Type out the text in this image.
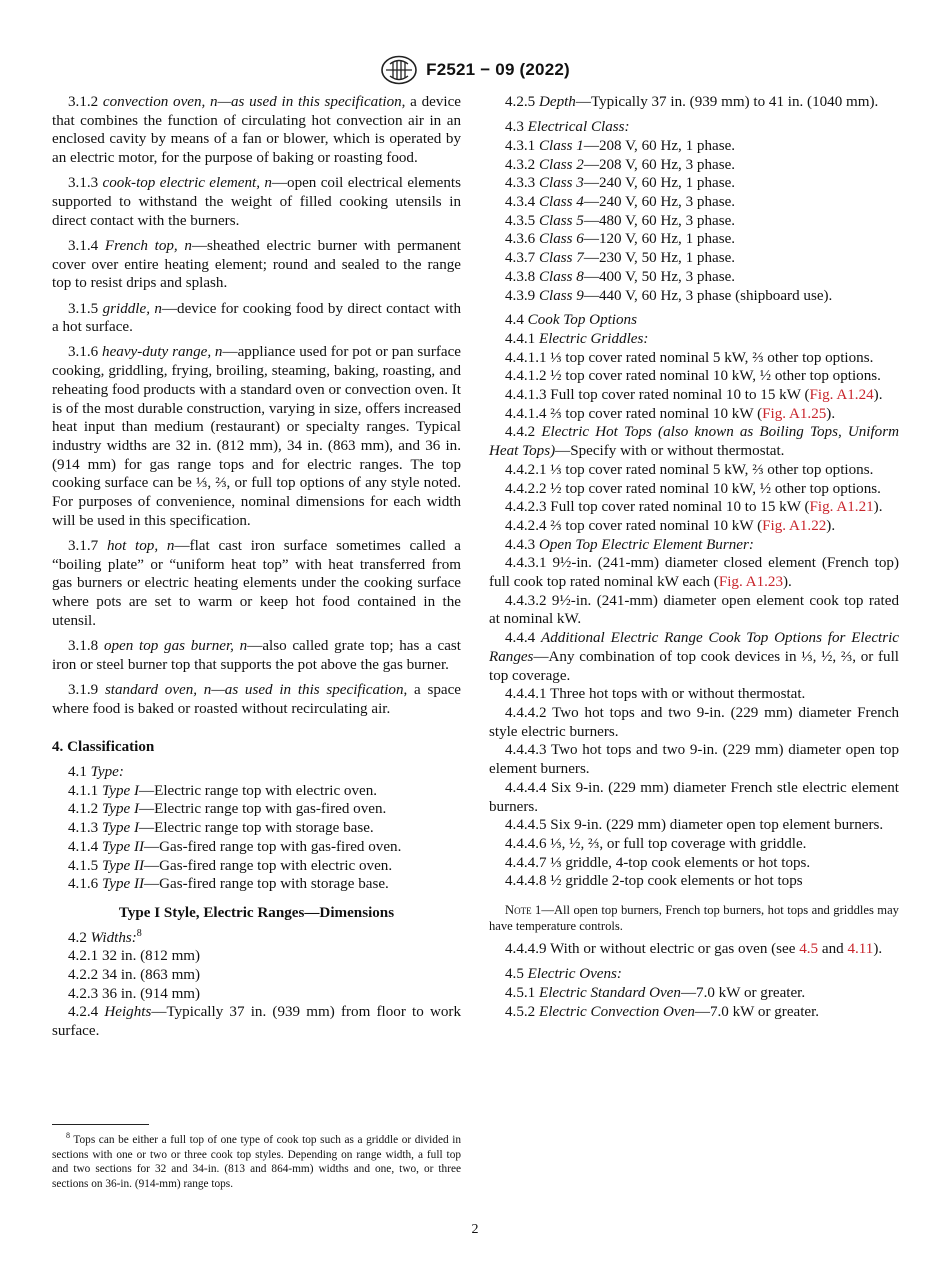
F2521 − 09 (2022)

3.1.2 convection oven, n—as used in this specification, a device that combines the function of circulating hot convection air in an enclosed cavity by means of a fan or blower, which is operated by an electric motor, for the purpose of baking or roasting food.

3.1.3 cook-top electric element, n—open coil electrical elements supported to withstand the weight of filled cooking utensils in direct contact with the burners.

3.1.4 French top, n—sheathed electric burner with permanent cover over entire heating element; round and sealed to the range top to resist drips and splash.

3.1.5 griddle, n—device for cooking food by direct contact with a hot surface.

3.1.6 heavy-duty range, n—appliance used for pot or pan surface cooking, griddling, frying, broiling, steaming, baking, roasting, and reheating food products with a standard oven or convection oven. It is of the most durable construction, varying in size, offers increased heat input than medium (restaurant) or specialty ranges. Typical industry widths are 32 in. (812 mm), 34 in. (863 mm), and 36 in. (914 mm) for gas range tops and for electric ranges. The top cooking surface can be ⅓, ⅔, or full top options of any style noted. For purposes of convenience, nominal dimensions for each width will be used in this specification.

3.1.7 hot top, n—flat cast iron surface sometimes called a “boiling plate” or “uniform heat top” with heat transferred from gas burners or electric heating elements under the cooking surface where pots are set to warm or keep hot food contained in the utensil.

3.1.8 open top gas burner, n—also called grate top; has a cast iron or steel burner top that supports the pot above the gas burner.

3.1.9 standard oven, n—as used in this specification, a space where food is baked or roasted without recirculating air.

4. Classification
4.1 Type:
4.1.1 Type I—Electric range top with electric oven.
4.1.2 Type I—Electric range top with gas-fired oven.
4.1.3 Type I—Electric range top with storage base.
4.1.4 Type II—Gas-fired range top with gas-fired oven.
4.1.5 Type II—Gas-fired range top with electric oven.
4.1.6 Type II—Gas-fired range top with storage base.
Type I Style, Electric Ranges—Dimensions
4.2 Widths:$^8$
4.2.1 32 in. (812 mm)
4.2.2 34 in. (863 mm)
4.2.3 36 in. (914 mm)

4.2.4 Heights—Typically 37 in. (939 mm) from floor to work surface.

$^8$ Tops can be either a full top of one type of cook top such as a griddle or divided in sections with one or two or three cook top styles. Depending on range width, a full top and two sections for 32 and 34-in. (813 and 864-mm) widths and one, two, or three sections on 36-in. (914-mm) range tops.

4.2.5 Depth—Typically 37 in. (939 mm) to 41 in. (1040 mm).

4.3 Electrical Class:
4.3.1 Class 1—208 V, 60 Hz, 1 phase.
4.3.2 Class 2—208 V, 60 Hz, 3 phase.
4.3.3 Class 3—240 V, 60 Hz, 1 phase.
4.3.4 Class 4—240 V, 60 Hz, 3 phase.
4.3.5 Class 5—480 V, 60 Hz, 3 phase.
4.3.6 Class 6—120 V, 60 Hz, 1 phase.
4.3.7 Class 7—230 V, 50 Hz, 1 phase.
4.3.8 Class 8—400 V, 50 Hz, 3 phase.
4.3.9 Class 9—440 V, 60 Hz, 3 phase (shipboard use).
4.4 Cook Top Options
4.4.1 Electric Griddles:

4.4.1.1 ⅓ top cover rated nominal 5 kW, ⅔ other top options.

4.4.1.2 ½ top cover rated nominal 10 kW, ½ other top options.

4.4.1.3 Full top cover rated nominal 10 to 15 kW (Fig. A1.24).

4.4.1.4 ⅔ top cover rated nominal 10 kW (Fig. A1.25).

4.4.2 Electric Hot Tops (also known as Boiling Tops, Uniform Heat Tops)—Specify with or without thermostat.

4.4.2.1 ⅓ top cover rated nominal 5 kW, ⅔ other top options.

4.4.2.2 ½ top cover rated nominal 10 kW, ½ other top options.

4.4.2.3 Full top cover rated nominal 10 to 15 kW (Fig. A1.21).

4.4.2.4 ⅔ top cover rated nominal 10 kW (Fig. A1.22).

4.4.3 Open Top Electric Element Burner:

4.4.3.1 9½-in. (241-mm) diameter closed element (French top) full cook top rated nominal kW each (Fig. A1.23).

4.4.3.2 9½-in. (241-mm) diameter open element cook top rated at nominal kW.

4.4.4 Additional Electric Range Cook Top Options for Electric Ranges—Any combination of top cook devices in ⅓, ½, ⅔, or full top coverage.

4.4.4.1 Three hot tops with or without thermostat.

4.4.4.2 Two hot tops and two 9-in. (229 mm) diameter French style electric burners.

4.4.4.3 Two hot tops and two 9-in. (229 mm) diameter open top element burners.

4.4.4.4 Six 9-in. (229 mm) diameter French stle electric element burners.

4.4.4.5 Six 9-in. (229 mm) diameter open top element burners.

4.4.4.6 ⅓, ½, ⅔, or full top coverage with griddle.

4.4.4.7 ⅓ griddle, 4-top cook elements or hot tops.

4.4.4.8 ½ griddle 2-top cook elements or hot tops

Note 1—All open top burners, French top burners, hot tops and griddles may have temperature controls.

4.4.4.9 With or without electric or gas oven (see 4.5 and 4.11).

4.5 Electric Ovens:
4.5.1 Electric Standard Oven—7.0 kW or greater.
4.5.2 Electric Convection Oven—7.0 kW or greater.
2
